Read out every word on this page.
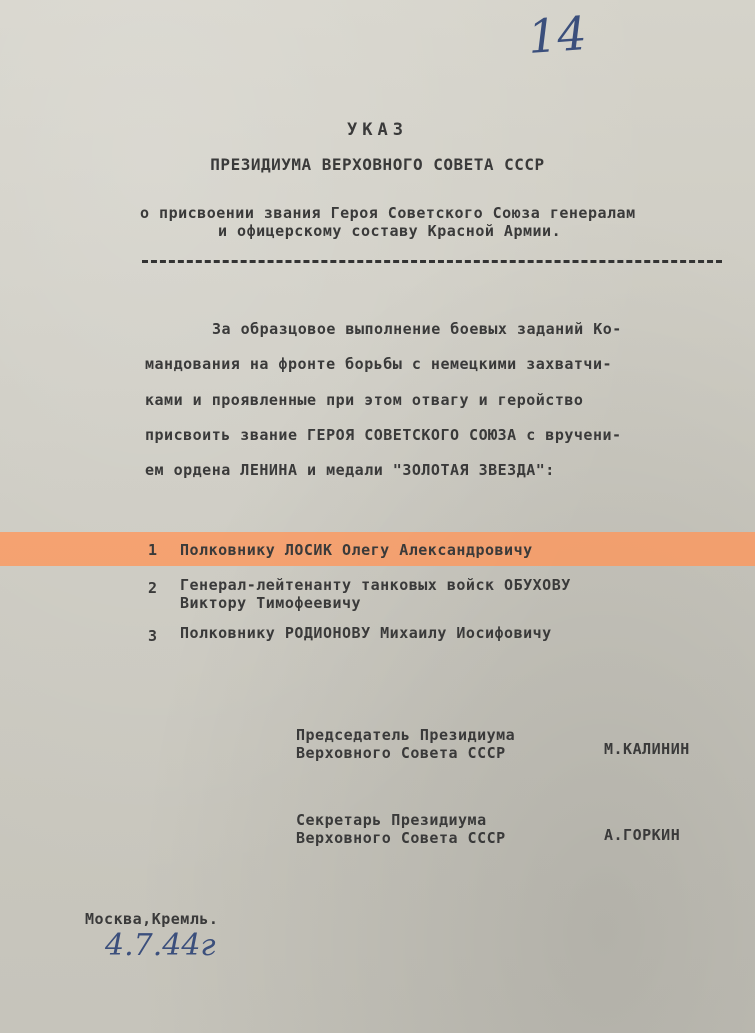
14
УКАЗ
ПРЕЗИДИУМА ВЕРХОВНОГО СОВЕТА СССР
о присвоении звания Героя Советского Союза генералам
и офицерскому составу Красной Армии.
За образцовое выполнение боевых заданий Ко-
мандования на фронте борьбы с немецкими захватчи-
ками и проявленные при этом отвагу и геройство
присвоить звание ГЕРОЯ СОВЕТСКОГО СОЮЗА с вручени-
ем ордена ЛЕНИНА и медали "ЗОЛОТАЯ ЗВЕЗДА":
1 Полковнику ЛОСИК Олегу Александровичу
2 Генерал-лейтенанту танковых войск ОБУХОВУ
Виктору Тимофеевичу
3 Полковнику РОДИОНОВУ Михаилу Иосифовичу
Председатель Президиума
Верховного Совета СССР	М.КАЛИНИН
Секретарь Президиума
Верховного Совета СССР	А.ГОРКИН
Москва,Кремль.
4.7.44г
